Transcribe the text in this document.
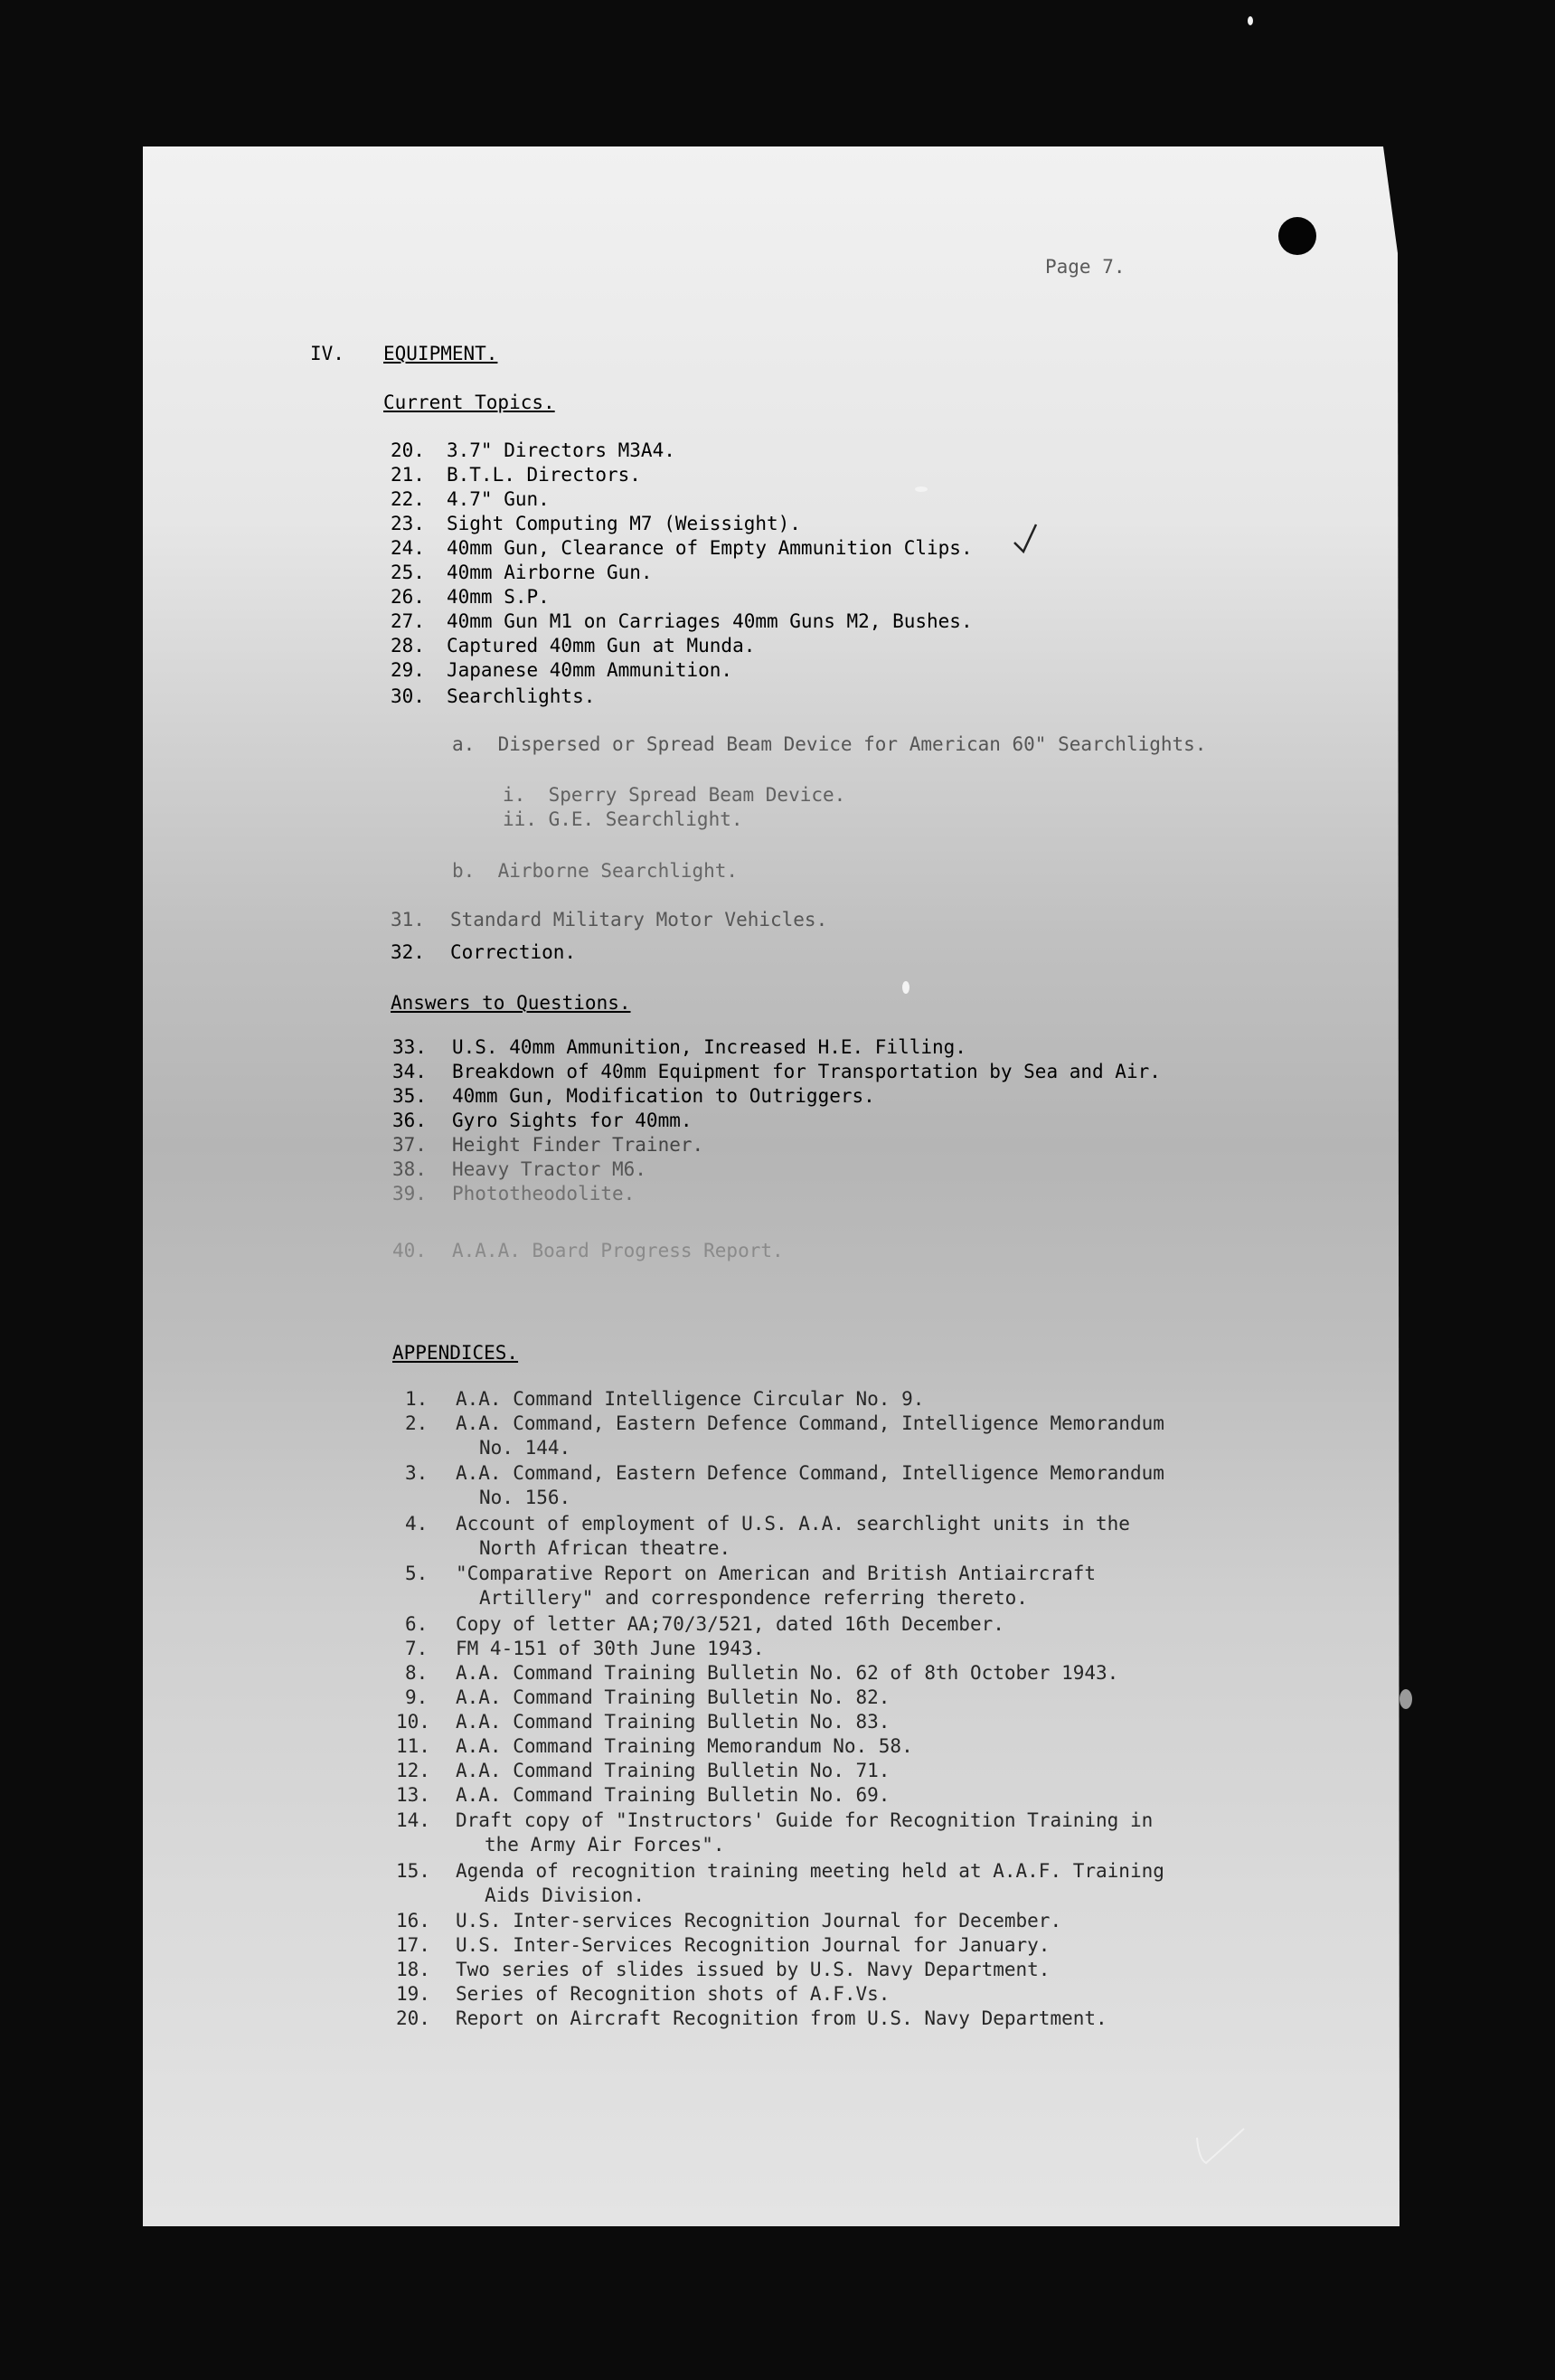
Page 7.
IV. EQUIPMENT.
Current Topics.
20. 3.7" Directors M3A4.
21. B.T.L. Directors.
22. 4.7" Gun.
23. Sight Computing M7 (Weissight).
24. 40mm Gun, Clearance of Empty Ammunition Clips.
25. 40mm Airborne Gun.
26. 40mm S.P.
27. 40mm Gun M1 on Carriages 40mm Guns M2, Bushes.
28. Captured 40mm Gun at Munda.
29. Japanese 40mm Ammunition.
30. Searchlights.
a.  Dispersed or Spread Beam Device for American 60" Searchlights.
i.  Sperry Spread Beam Device.
ii. G.E. Searchlight.
b.  Airborne Searchlight.
31. Standard Military Motor Vehicles.
32. Correction.
Answers to Questions.
33. U.S. 40mm Ammunition, Increased H.E. Filling.
34. Breakdown of 40mm Equipment for Transportation by Sea and Air.
35. 40mm Gun, Modification to Outriggers.
36. Gyro Sights for 40mm.
37. Height Finder Trainer.
38. Heavy Tractor M6.
39. Phototheodolite.
40. A.A.A. Board Progress Report.
APPENDICES.
1. A.A. Command Intelligence Circular No. 9.
2. A.A. Command, Eastern Defence Command, Intelligence Memorandum
No. 144.
3. A.A. Command, Eastern Defence Command, Intelligence Memorandum
No. 156.
4. Account of employment of U.S. A.A. searchlight units in the
North African theatre.
5. "Comparative Report on American and British Antiaircraft
Artillery" and correspondence referring thereto.
6. Copy of letter AA;70/3/521, dated 16th December.
7. FM 4-151 of 30th June 1943.
8. A.A. Command Training Bulletin No. 62 of 8th October 1943.
9. A.A. Command Training Bulletin No. 82.
10. A.A. Command Training Bulletin No. 83.
11. A.A. Command Training Memorandum No. 58.
12. A.A. Command Training Bulletin No. 71.
13. A.A. Command Training Bulletin No. 69.
14. Draft copy of "Instructors' Guide for Recognition Training in
the Army Air Forces".
15. Agenda of recognition training meeting held at A.A.F. Training
Aids Division.
16. U.S. Inter-services Recognition Journal for December.
17. U.S. Inter-Services Recognition Journal for January.
18. Two series of slides issued by U.S. Navy Department.
19. Series of Recognition shots of A.F.Vs.
20. Report on Aircraft Recognition from U.S. Navy Department.
